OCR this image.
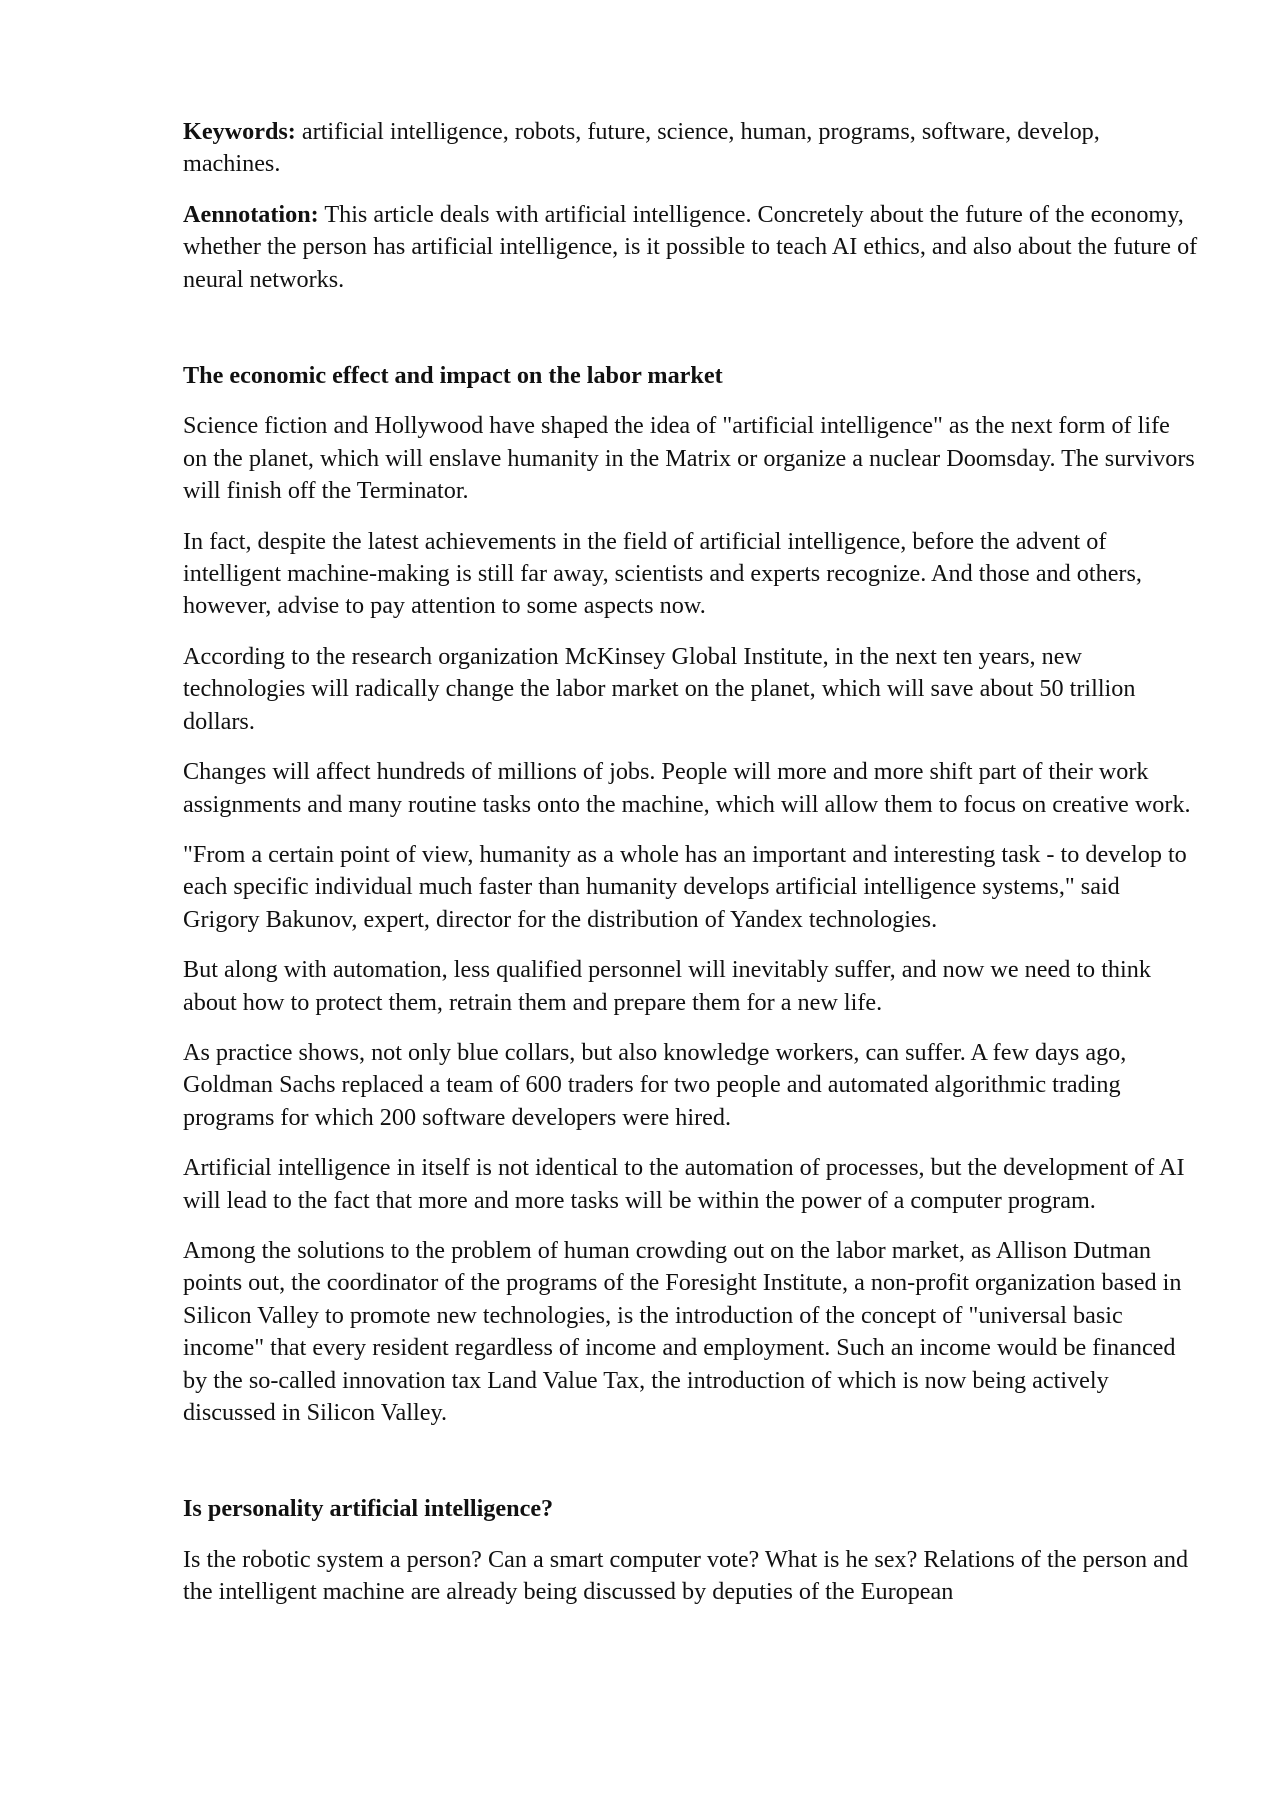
Keywords: artificial intelligence, robots, future, science, human, programs, software, develop, machines.

Aennotation: This article deals with artificial intelligence. Concretely about the future of the economy, whether the person has artificial intelligence, is it possible to teach AI ethics, and also about the future of neural networks.

The economic effect and impact on the labor market

Science fiction and Hollywood have shaped the idea of "artificial intelligence" as the next form of life on the planet, which will enslave humanity in the Matrix or organize a nuclear Doomsday. The survivors will finish off the Terminator.

In fact, despite the latest achievements in the field of artificial intelligence, before the advent of intelligent machine-making is still far away, scientists and experts recognize. And those and others, however, advise to pay attention to some aspects now.

According to the research organization McKinsey Global Institute, in the next ten years, new technologies will radically change the labor market on the planet, which will save about 50 trillion dollars.

Changes will affect hundreds of millions of jobs. People will more and more shift part of their work assignments and many routine tasks onto the machine, which will allow them to focus on creative work.

"From a certain point of view, humanity as a whole has an important and interesting task - to develop to each specific individual much faster than humanity develops artificial intelligence systems," said Grigory Bakunov, expert, director for the distribution of Yandex technologies.

But along with automation, less qualified personnel will inevitably suffer, and now we need to think about how to protect them, retrain them and prepare them for a new life.

As practice shows, not only blue collars, but also knowledge workers, can suffer. A few days ago, Goldman Sachs replaced a team of 600 traders for two people and automated algorithmic trading programs for which 200 software developers were hired.

Artificial intelligence in itself is not identical to the automation of processes, but the development of AI will lead to the fact that more and more tasks will be within the power of a computer program.

Among the solutions to the problem of human crowding out on the labor market, as Allison Dutman points out, the coordinator of the programs of the Foresight Institute, a non-profit organization based in Silicon Valley to promote new technologies, is the introduction of the concept of "universal basic income" that every resident regardless of income and employment. Such an income would be financed by the so-called innovation tax Land Value Tax, the introduction of which is now being actively discussed in Silicon Valley.

Is personality artificial intelligence?

Is the robotic system a person? Can a smart computer vote? What is he sex? Relations of the person and the intelligent machine are already being discussed by deputies of the European
